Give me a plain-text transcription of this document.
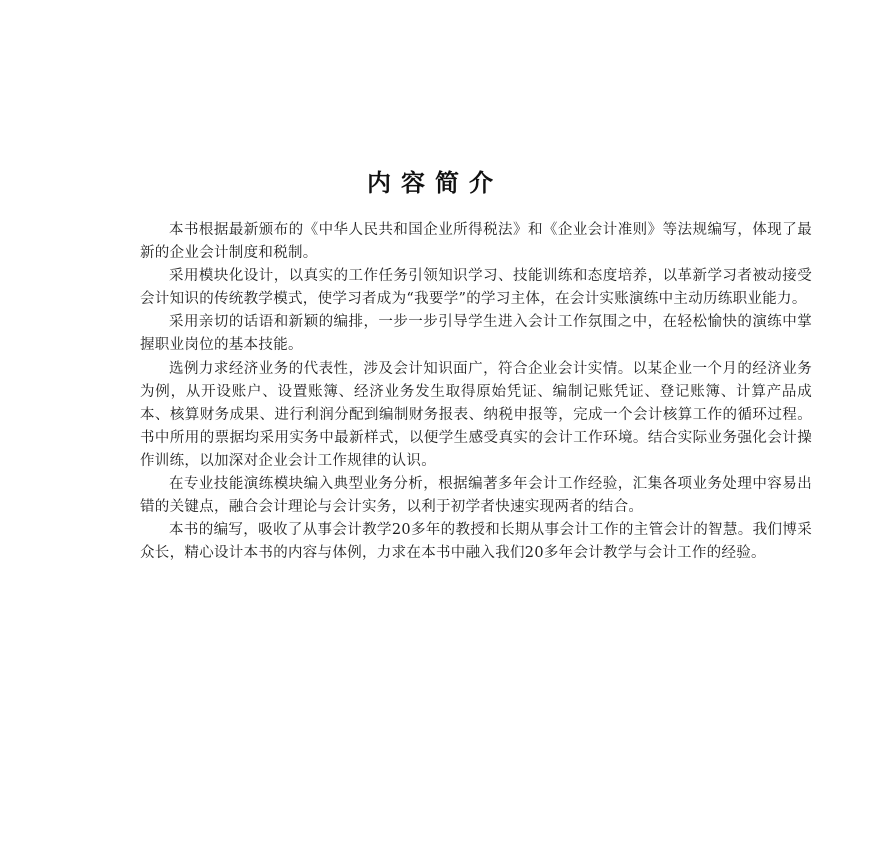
内容简介

本书根据最新颁布的《中华人民共和国企业所得税法》和《企业会计准则》等法规编写，体现了最新的企业会计制度和税制。

采用模块化设计，以真实的工作任务引领知识学习、技能训练和态度培养，以革新学习者被动接受会计知识的传统教学模式，使学习者成为“我要学”的学习主体，在会计实账演练中主动历练职业能力。

采用亲切的话语和新颖的编排，一步一步引导学生进入会计工作氛围之中，在轻松愉快的演练中掌握职业岗位的基本技能。

选例力求经济业务的代表性，涉及会计知识面广，符合企业会计实情。以某企业一个月的经济业务为例，从开设账户、设置账簿、经济业务发生取得原始凭证、编制记账凭证、登记账簿、计算产品成本、核算财务成果、进行利润分配到编制财务报表、纳税申报等，完成一个会计核算工作的循环过程。书中所用的票据均采用实务中最新样式，以便学生感受真实的会计工作环境。结合实际业务强化会计操作训练，以加深对企业会计工作规律的认识。

在专业技能演练模块编入典型业务分析，根据编著多年会计工作经验，汇集各项业务处理中容易出错的关键点，融合会计理论与会计实务，以利于初学者快速实现两者的结合。

本书的编写，吸收了从事会计教学20多年的教授和长期从事会计工作的主管会计的智慧。我们博采众长，精心设计本书的内容与体例，力求在本书中融入我们20多年会计教学与会计工作的经验。
